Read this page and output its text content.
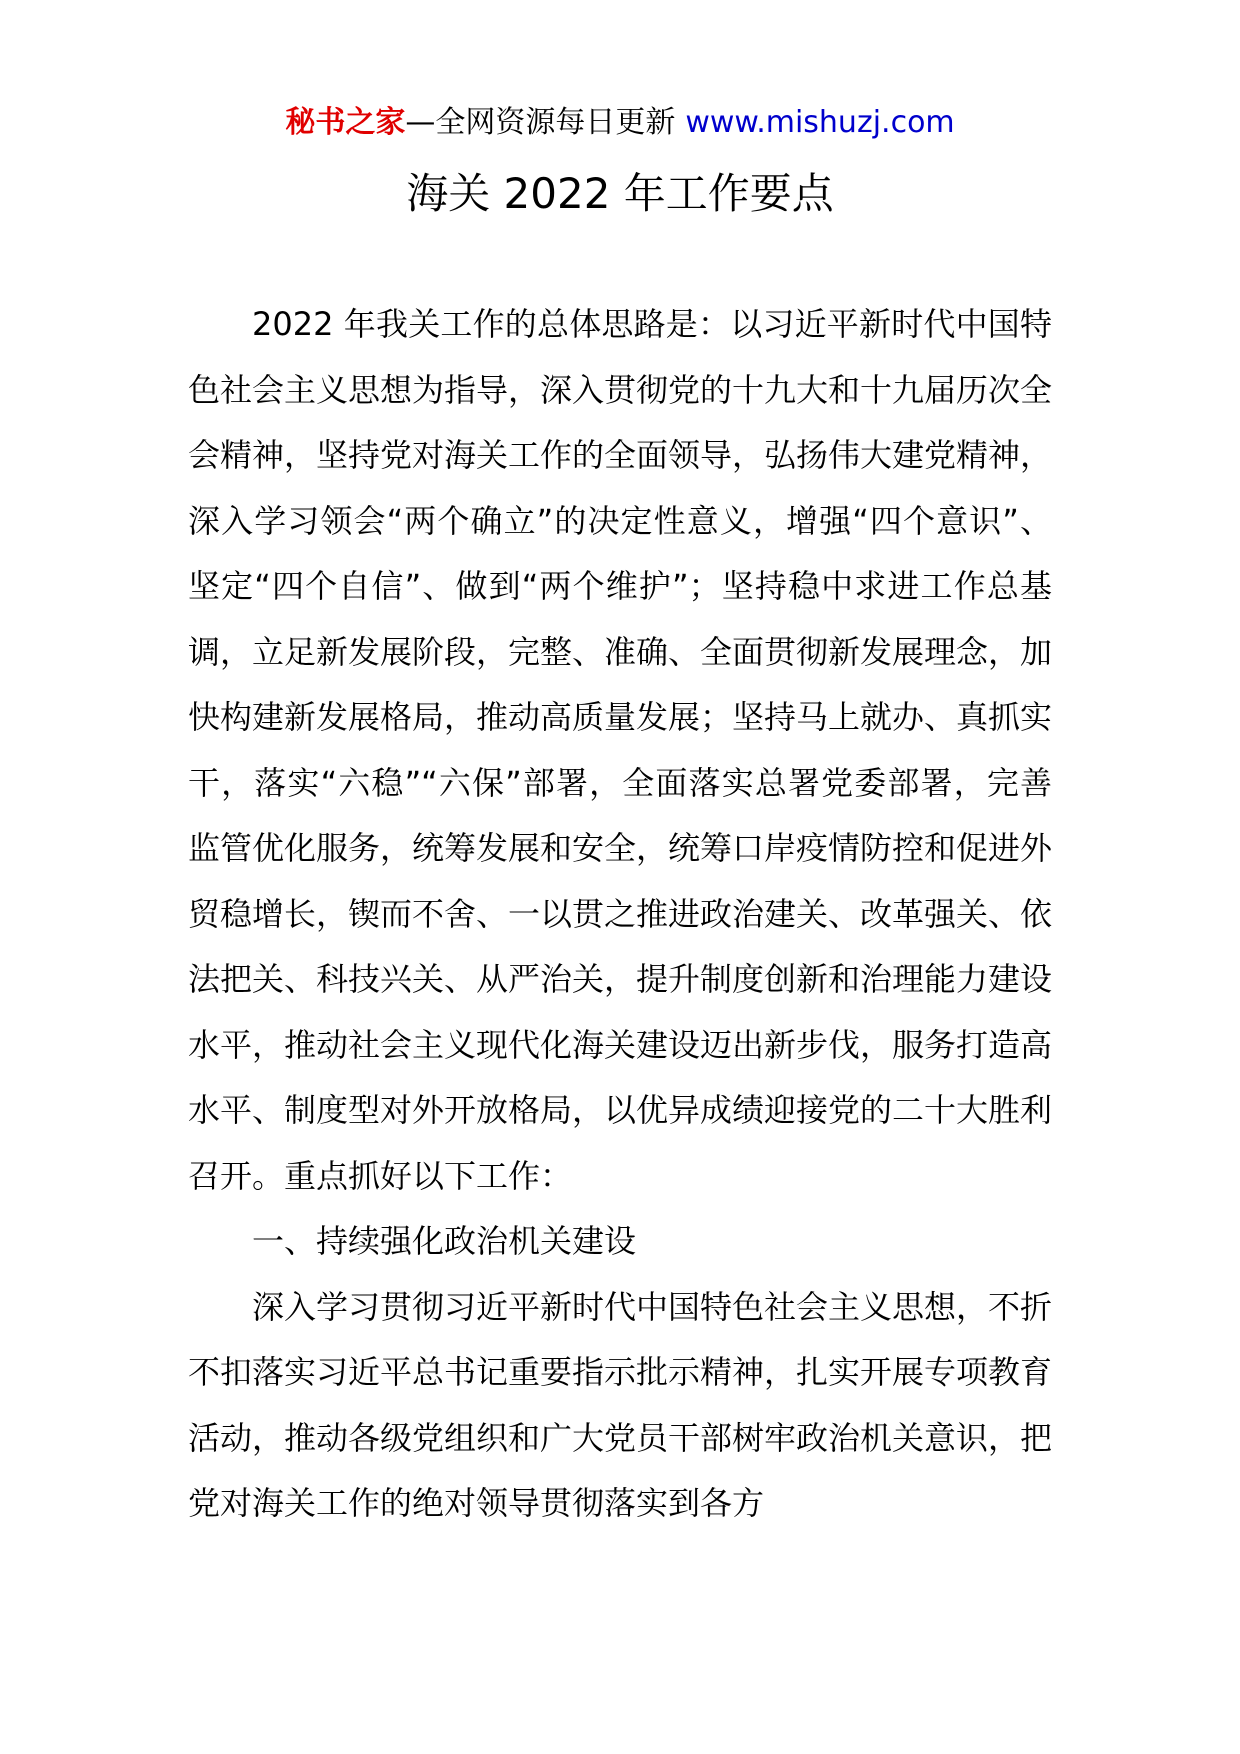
秘书之家—全网资源每日更新 www.mishuzj.com
海关 2022 年工作要点

2022 年我关工作的总体思路是：以习近平新时代中国特色社会主义思想为指导，深入贯彻党的十九大和十九届历次全会精神，坚持党对海关工作的全面领导，弘扬伟大建党精神，深入学习领会“两个确立”的决定性意义，增强“四个意识”、坚定“四个自信”、做到“两个维护”；坚持稳中求进工作总基调，立足新发展阶段，完整、准确、全面贯彻新发展理念，加快构建新发展格局，推动高质量发展；坚持马上就办、真抓实干，落实“六稳”“六保”部署，全面落实总署党委部署，完善监管优化服务，统筹发展和安全，统筹口岸疫情防控和促进外贸稳增长，锲而不舍、一以贯之推进政治建关、改革强关、依法把关、科技兴关、从严治关，提升制度创新和治理能力建设水平，推动社会主义现代化海关建设迈出新步伐，服务打造高水平、制度型对外开放格局，以优异成绩迎接党的二十大胜利召开。重点抓好以下工作：

一、持续强化政治机关建设

深入学习贯彻习近平新时代中国特色社会主义思想，不折不扣落实习近平总书记重要指示批示精神，扎实开展专项教育活动，推动各级党组织和广大党员干部树牢政治机关意识，把党对海关工作的绝对领导贯彻落实到各方
